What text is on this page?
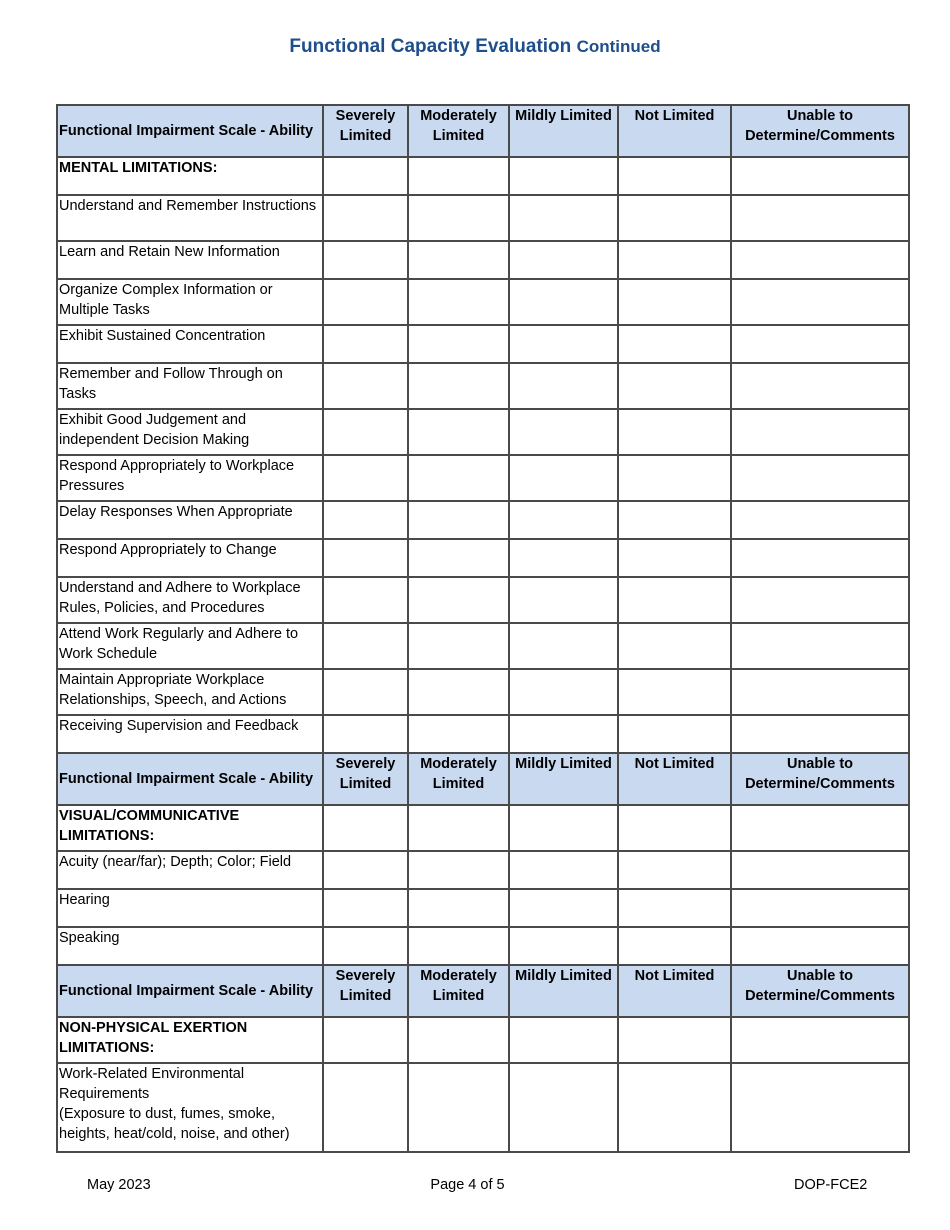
Functional Capacity Evaluation Continued
Functional Impairment Scale - Ability	Severely Limited	Moderately Limited	Mildly Limited	Not Limited	Unable to Determine/Comments
MENTAL LIMITATIONS:					
Understand and Remember Instructions					
Learn and Retain New Information					
Organize Complex Information or Multiple Tasks					
Exhibit Sustained Concentration					
Remember and Follow Through on Tasks					
Exhibit Good Judgement and independent Decision Making					
Respond Appropriately to Workplace Pressures					
Delay Responses When Appropriate					
Respond Appropriately to Change					
Understand and Adhere to Workplace Rules, Policies, and Procedures					
Attend Work Regularly and Adhere to Work Schedule					
Maintain Appropriate Workplace Relationships, Speech, and Actions					
Receiving Supervision and Feedback					
Functional Impairment Scale - Ability	Severely Limited	Moderately Limited	Mildly Limited	Not Limited	Unable to Determine/Comments
VISUAL/COMMUNICATIVE LIMITATIONS:					
Acuity (near/far); Depth; Color; Field					
Hearing					
Speaking					
Functional Impairment Scale - Ability	Severely Limited	Moderately Limited	Mildly Limited	Not Limited	Unable to Determine/Comments
NON-PHYSICAL EXERTION LIMITATIONS:					
Work-Related Environmental Requirements
(Exposure to dust, fumes, smoke, heights, heat/cold, noise, and other)					

May 2023	Page 4 of 5	DOP-FCE2
